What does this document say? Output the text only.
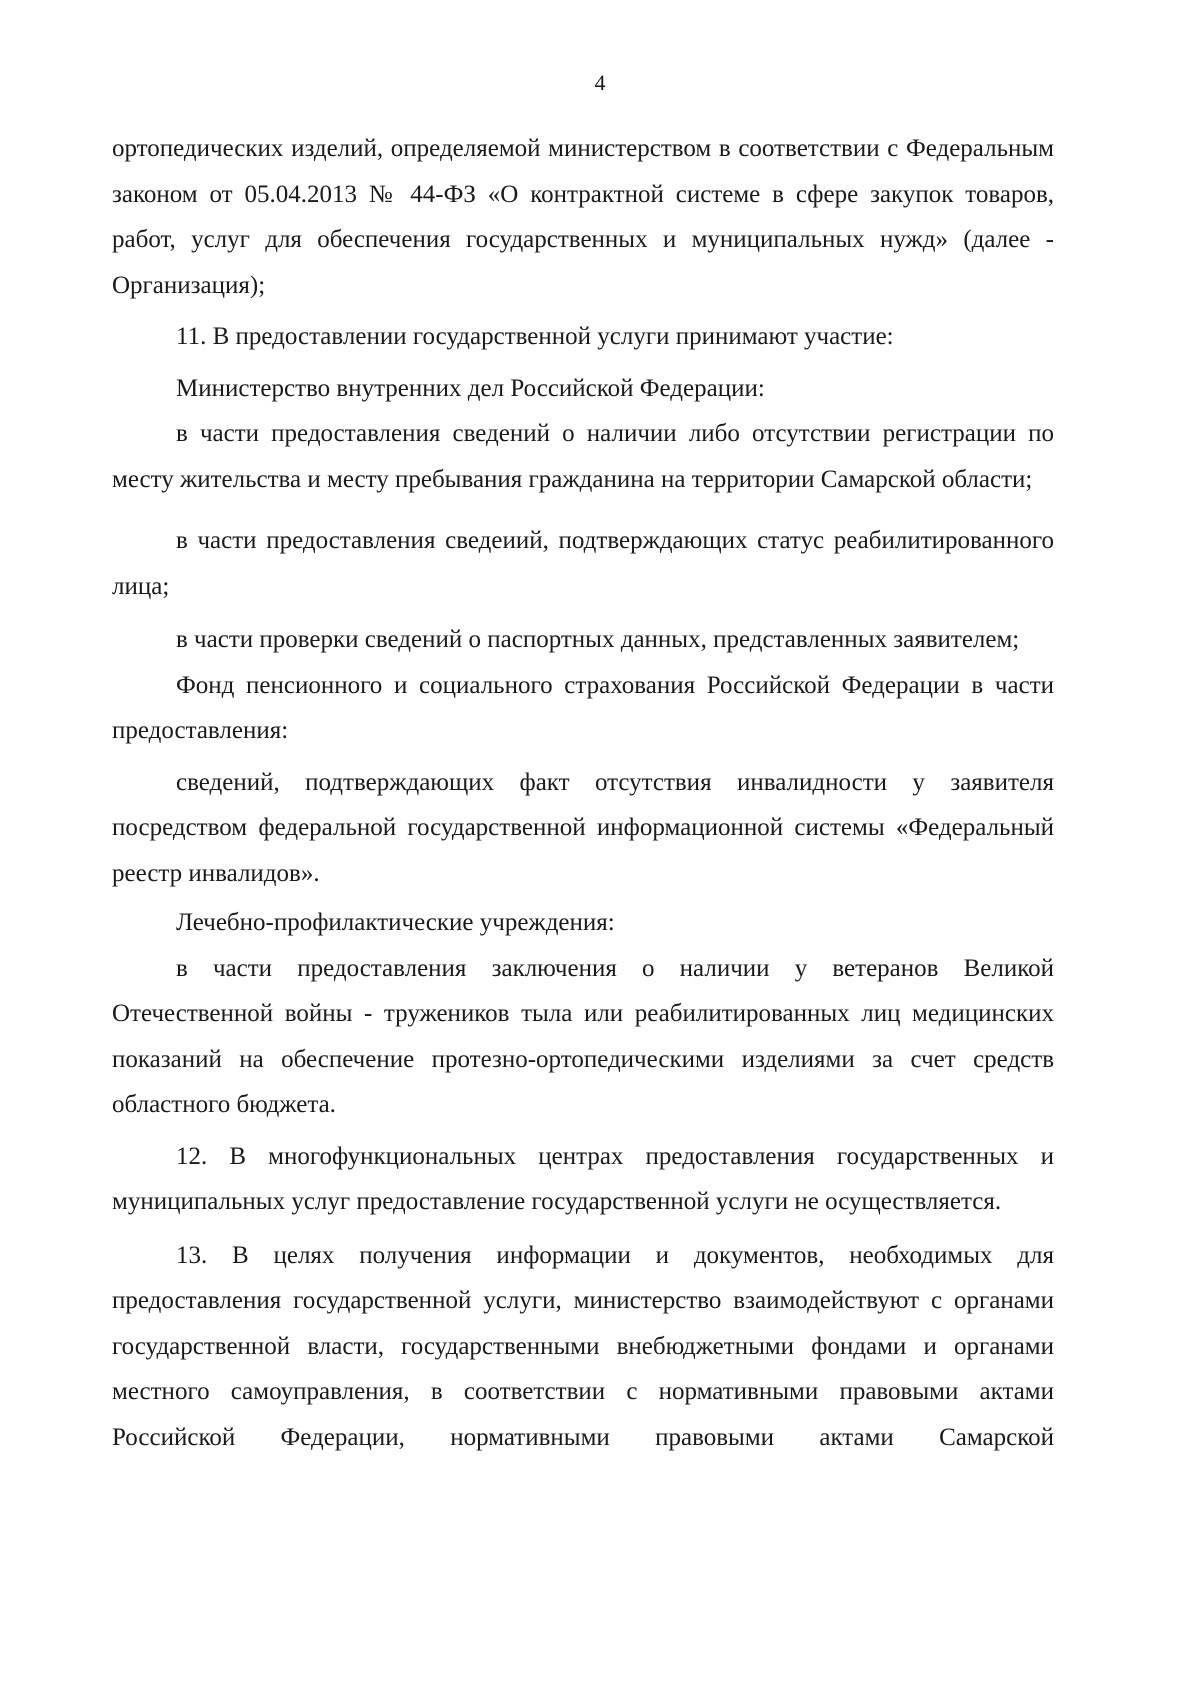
4

ортопедических изделий, определяемой министерством в соответствии с Федеральным законом от 05.04.2013 № 44-ФЗ «О контрактной системе в сфере закупок товаров, работ, услуг для обеспечения государственных и муниципальных нужд» (далее - Организация);

11. В предоставлении государственной услуги принимают участие:

Министерство внутренних дел Российской Федерации:

в части предоставления сведений о наличии либо отсутствии регистрации по месту жительства и месту пребывания гражданина на территории Самарской области;

в части предоставления сведеиий, подтверждающих статус реабилитированного лица;

в части проверки сведений о паспортных данных, представленных заявителем;

Фонд пенсионного и социального страхования Российской Федерации в части предоставления:

сведений, подтверждающих факт отсутствия инвалидности у заявителя посредством федеральной государственной информационной системы «Федеральный реестр инвалидов».

Лечебно-профилактические учреждения:

в части предоставления заключения о наличии у ветеранов Великой Отечественной войны - тружеников тыла или реабилитированных лиц медицинских показаний на обеспечение протезно-ортопедическими изделиями за счет средств областного бюджета.

12. В многофункциональных центрах предоставления государственных и муниципальных услуг предоставление государственной услуги не осуществляется.

13. В целях получения информации и документов, необходимых для предоставления государственной услуги, министерство взаимодействуют с органами государственной власти, государственными внебюджетными фондами и органами местного самоуправления, в соответствии с нормативными правовыми актами Российской Федерации, нормативными правовыми актами Самарской
